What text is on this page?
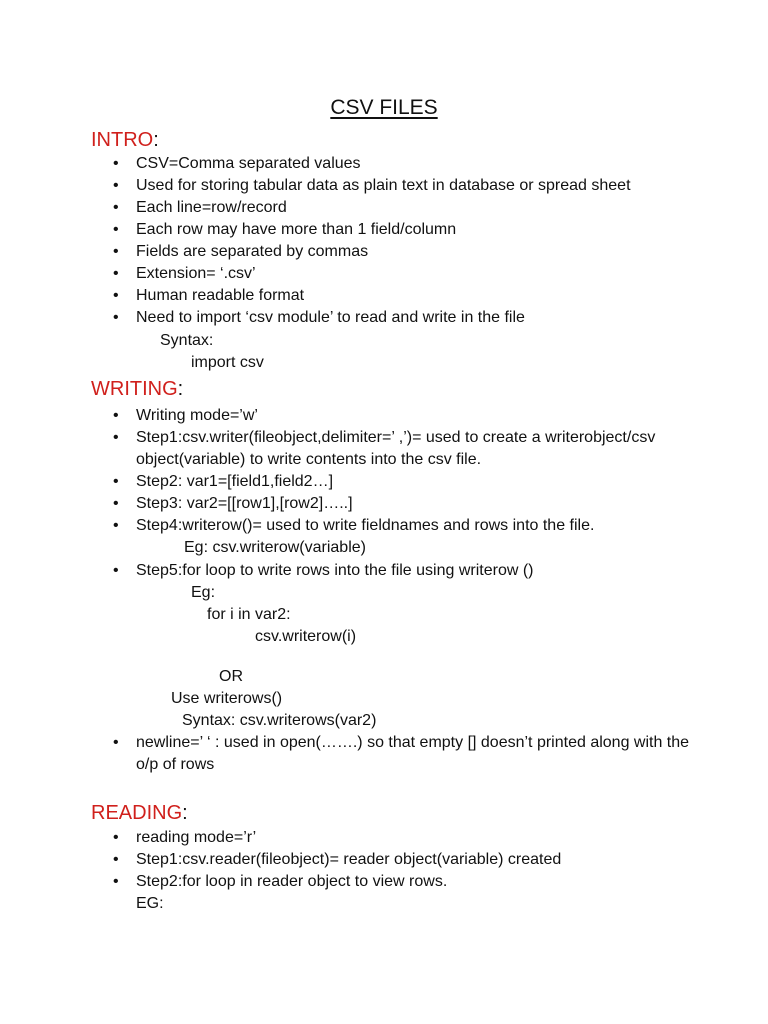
CSV FILES
INTRO:
• CSV=Comma separated values
• Used for storing tabular data as plain text in database or spread sheet
• Each line=row/record
• Each row may have more than 1 field/column
• Fields are separated by commas
• Extension= ‘.csv’
• Human readable format
• Need to import ‘csv module’ to read and write in the file
Syntax:
import csv
WRITING:
• Writing mode=’w’
• Step1:csv.writer(fileobject,delimiter=’ ,’)= used to create a writerobject/csv object(variable) to write contents into the csv file.
• Step2: var1=[field1,field2…]
• Step3: var2=[[row1],[row2]…..]
• Step4:writerow()= used to write fieldnames and rows into the file.
Eg: csv.writerow(variable)
• Step5:for loop to write rows into the file using writerow ()
Eg:
for i in var2:
csv.writerow(i)
OR
Use writerows()
Syntax: csv.writerows(var2)
• newline=’ ‘ : used in open(…….) so that empty [] doesn’t printed along with the o/p of rows
READING:
• reading mode=’r’
• Step1:csv.reader(fileobject)= reader object(variable) created
• Step2:for loop in reader object to view rows.
EG:
